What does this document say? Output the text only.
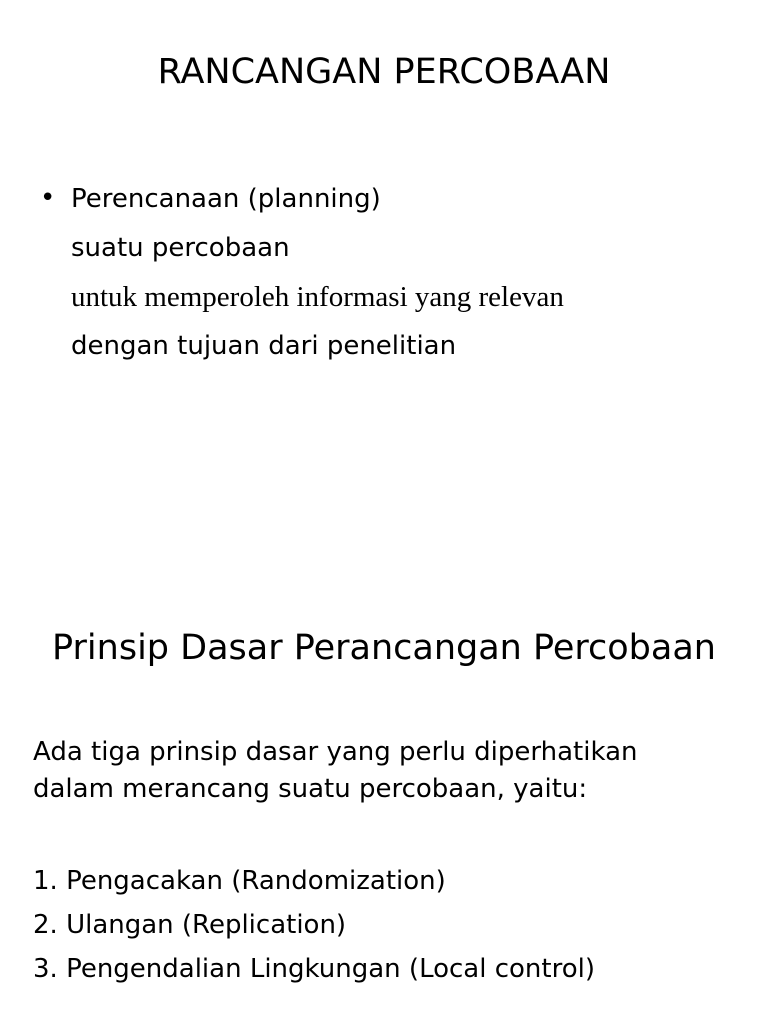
RANCANGAN PERCOBAAN
• Perencanaan (planning)
suatu percobaan
untuk memperoleh informasi yang relevan
dengan tujuan dari penelitian
Prinsip Dasar Perancangan Percobaan
Ada tiga prinsip dasar yang perlu diperhatikan
dalam merancang suatu percobaan, yaitu:
1. Pengacakan (Randomization)
2. Ulangan (Replication)
3. Pengendalian Lingkungan (Local control)
